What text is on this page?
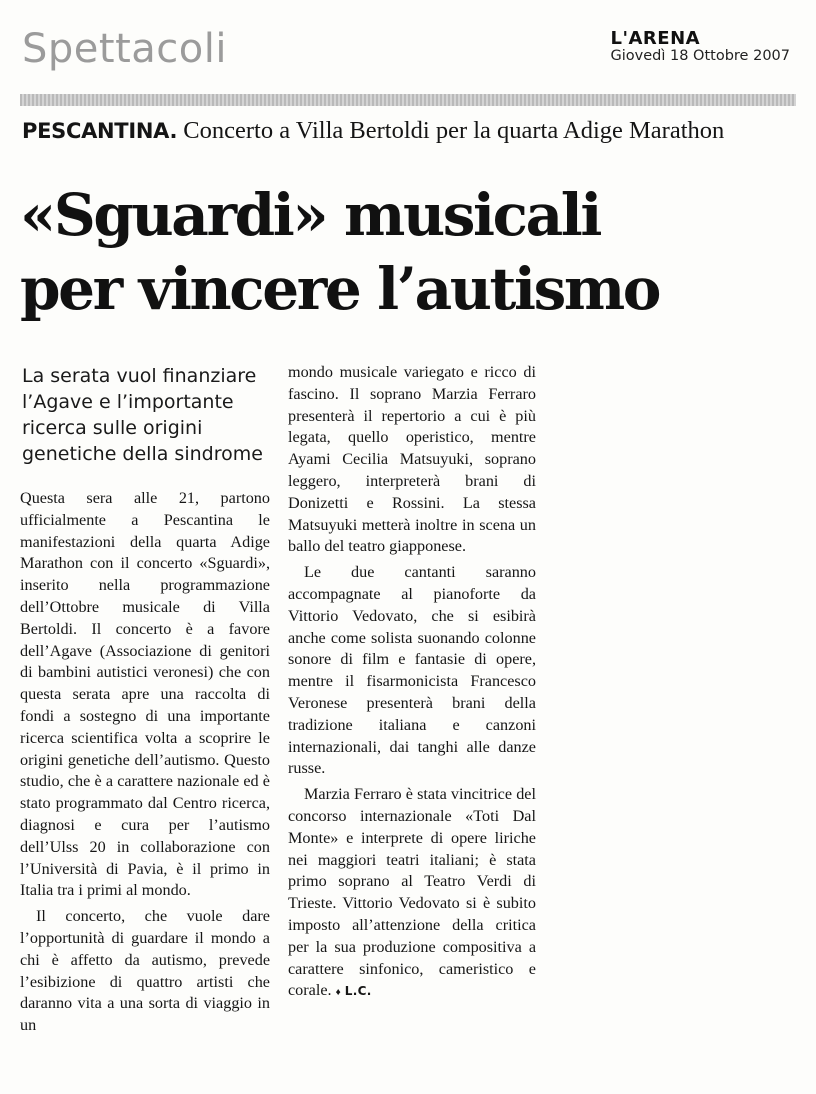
Spettacoli	L'ARENA
Giovedì 18 Ottobre 2007
PESCANTINA. Concerto a Villa Bertoldi per la quarta Adige Marathon
«Sguardi» musicali
per vincere l’autismo
La serata vuol finanziare l’Agave e l’importante ricerca sulle origini genetiche della sindrome

Questa sera alle 21, partono ufficialmente a Pescantina le manifestazioni della quarta Adige Marathon con il concerto «Sguardi», inserito nella programmazione dell’Ottobre musicale di Villa Bertoldi. Il concerto è a favore dell’Agave (Associazione di genitori di bambini autistici veronesi) che con questa serata apre una raccolta di fondi a sostegno di una importante ricerca scientifica volta a scoprire le origini genetiche dell’autismo. Questo studio, che è a carattere nazionale ed è stato programmato dal Centro ricerca, diagnosi e cura per l’autismo dell’Ulss 20 in collaborazione con l’Università di Pavia, è il primo in Italia tra i primi al mondo.

Il concerto, che vuole dare l’opportunità di guardare il mondo a chi è affetto da autismo, prevede l’esibizione di quattro artisti che daranno vita a una sorta di viaggio in un

mondo musicale variegato e ricco di fascino. Il soprano Marzia Ferraro presenterà il repertorio a cui è più legata, quello operistico, mentre Ayami Cecilia Matsuyuki, soprano leggero, interpreterà brani di Donizetti e Rossini. La stessa Matsuyuki metterà inoltre in scena un ballo del teatro giapponese.

Le due cantanti saranno accompagnate al pianoforte da Vittorio Vedovato, che si esibirà anche come solista suonando colonne sonore di film e fantasie di opere, mentre il fisarmonicista Francesco Veronese presenterà brani della tradizione italiana e canzoni internazionali, dai tanghi alle danze russe.

Marzia Ferraro è stata vincitrice del concorso internazionale «Toti Dal Monte» e interprete di opere liriche nei maggiori teatri italiani; è stata primo soprano al Teatro Verdi di Trieste. Vittorio Vedovato si è subito imposto all’attenzione della critica per la sua produzione compositiva a carattere sinfonico, cameristico e corale. ♦ L.C.
